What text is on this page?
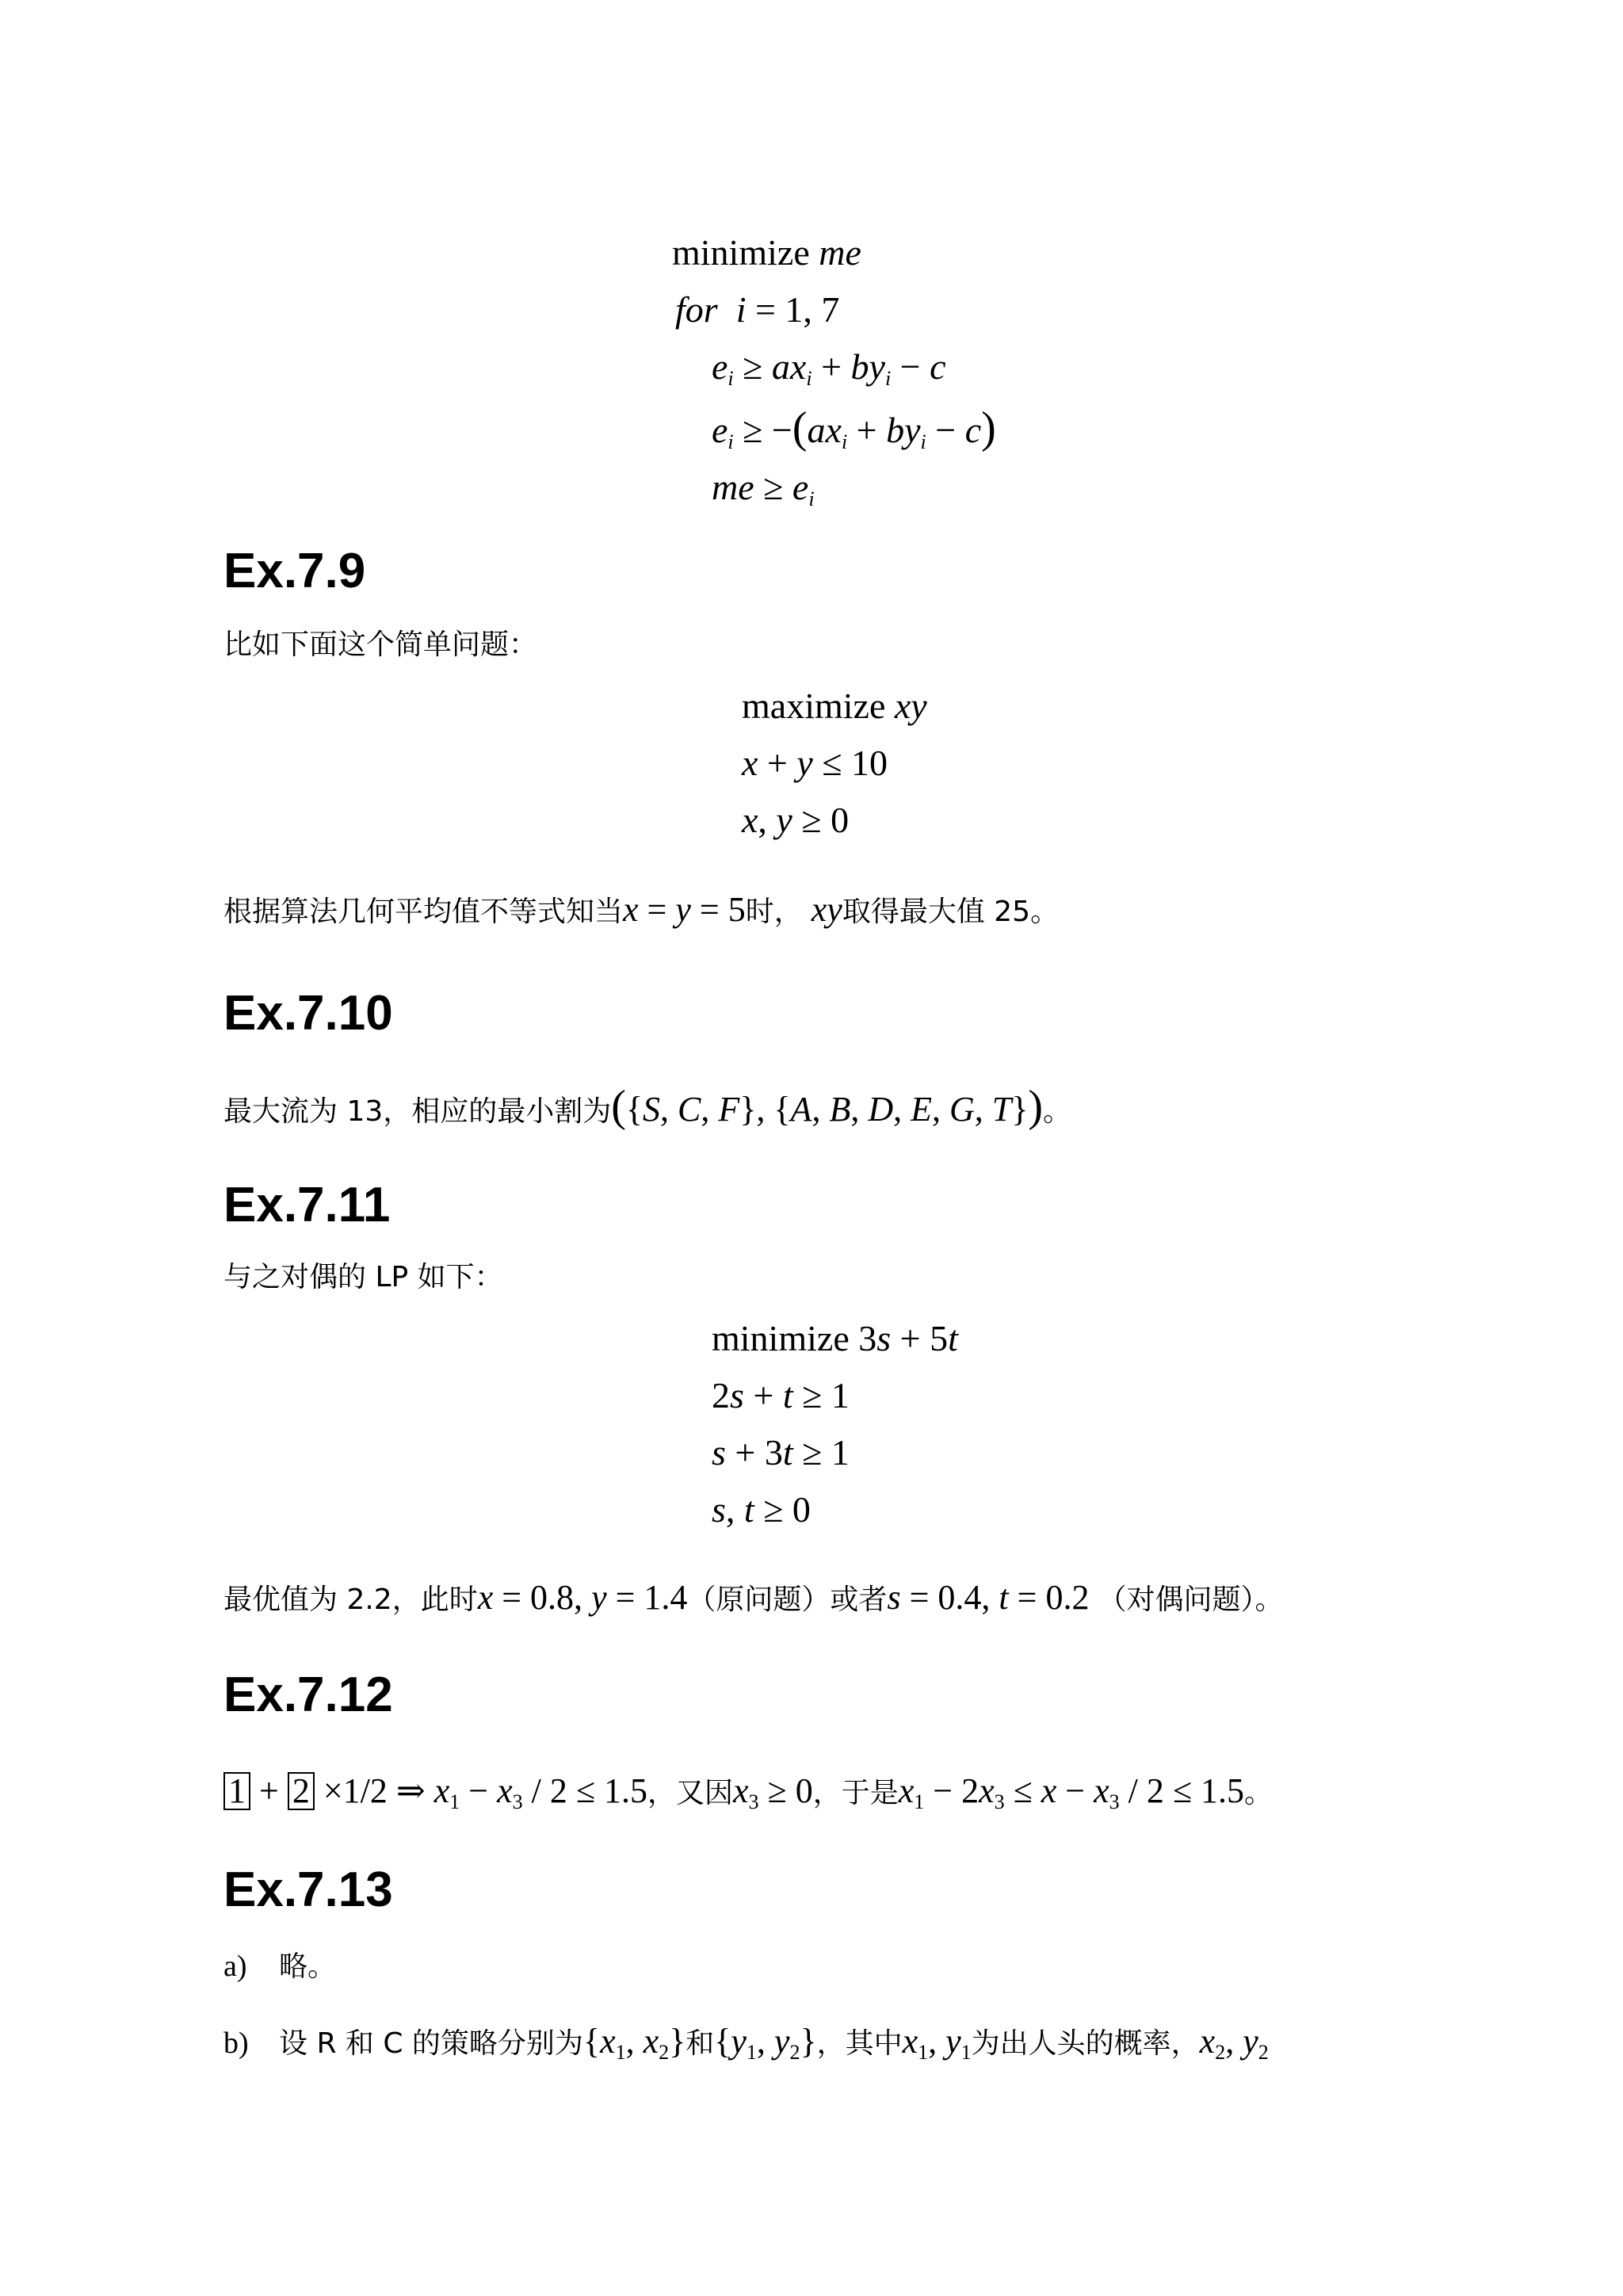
minimize me
for i = 1, 7
$e_i \ge ax_i + by_i - c$
$e_i \ge -(ax_i + by_i - c)$
me ≥ $e_i$
Ex.7.9
比如下面这个简单问题：
maximize xy
x + y ≤ 10
x, y ≥ 0
根据算法几何平均值不等式知当 x = y = 5 时， xy 取得最大值 25。
Ex.7.10
最大流为 13，相应的最小割为 ({S, C, F}, {A, B, D, E, G, T}) 。
Ex.7.11
与之对偶的 LP 如下：
minimize 3s + 5t
2s + t ≥ 1
s + 3t ≥ 1
s, t ≥ 0
最优值为 2.2，此时 x = 0.8, y = 1.4 （原问题）或者 s = 0.4, t = 0.2 （对偶问题）。
Ex.7.12
1 + 2 ×1/2 ⇒ $x_1 - x_3 / 2 \le 1.5$ ，又因 $x_3 \ge 0$ ，于是 $x_1 - 2x_3 \le x - x_3 / 2 \le 1.5$ 。
Ex.7.13
a)	略。
b)	设 R 和 C 的策略分别为 {$x_1$, $x_2$} 和 {$y_1$, $y_2$} ，其中 $x_1$, $y_1$ 为出人头的概率， $x_2$, $y_2$
